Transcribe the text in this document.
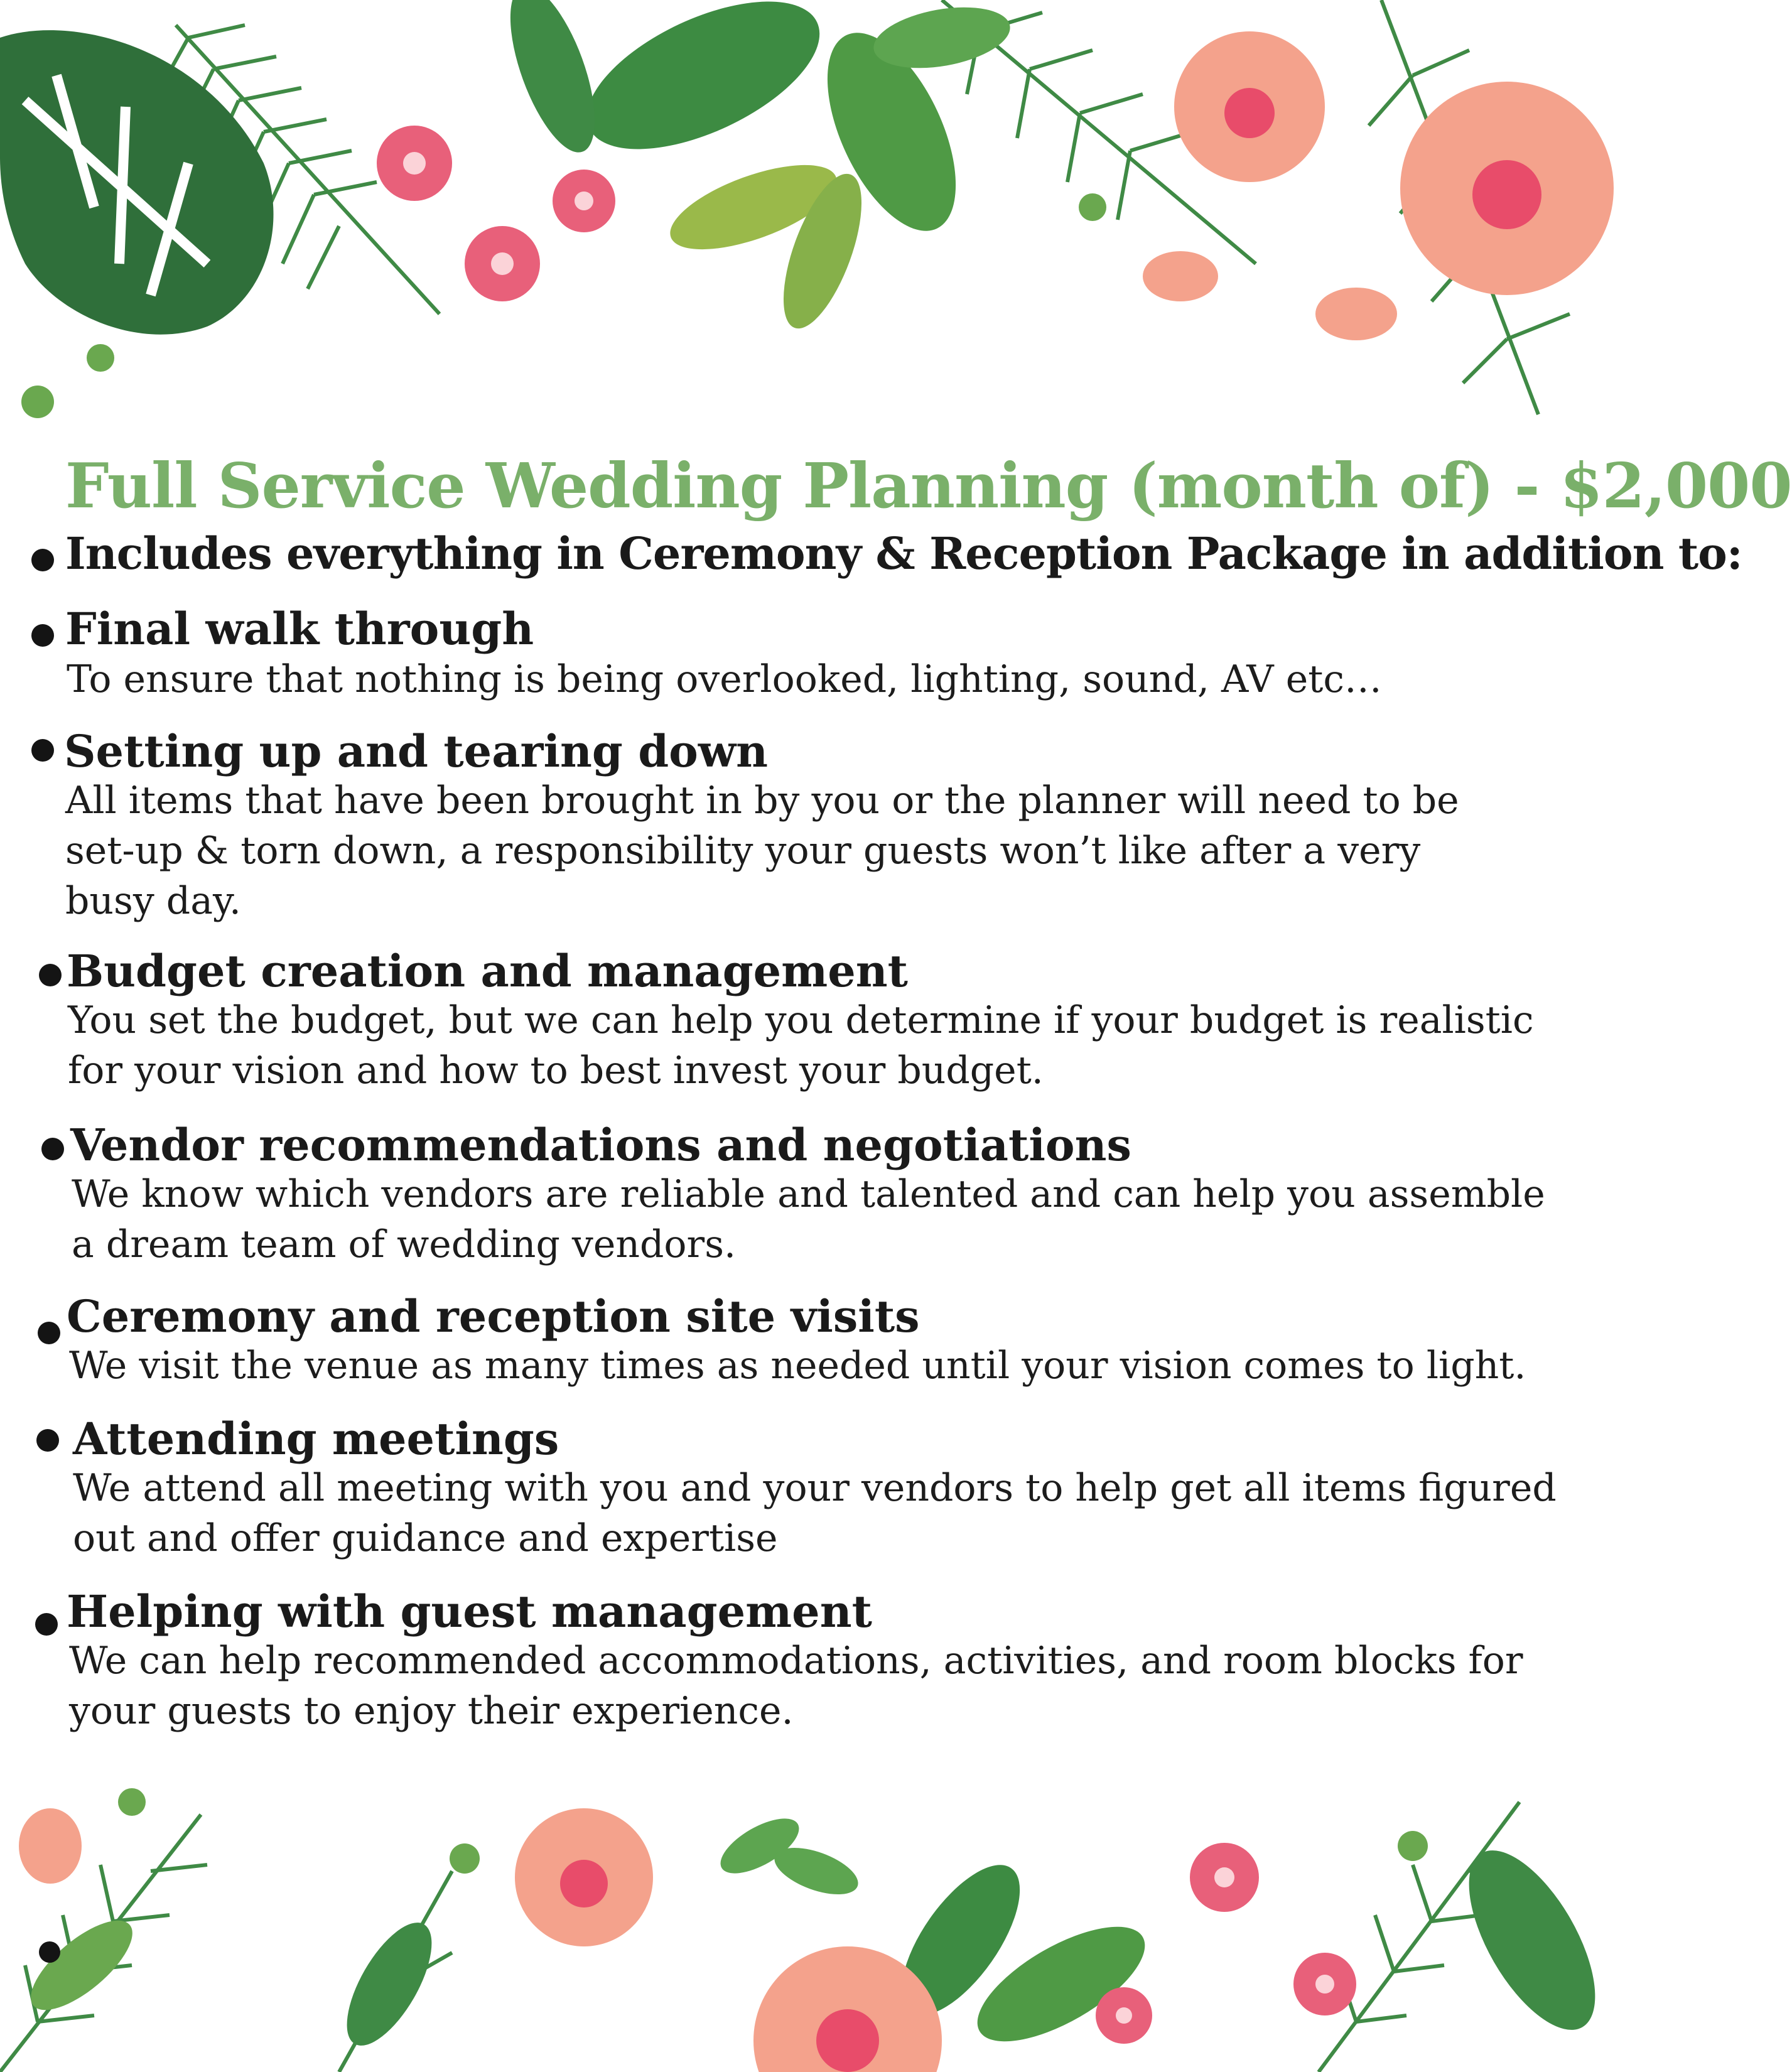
Full Service Wedding Planning (month of) - $2,000

Includes everything in Ceremony & Reception Package in addition to:

Final walk through

To ensure that nothing is being overlooked, lighting, sound, AV etc…

Setting up and tearing down

All items that have been brought in by you or the planner will need to be
set-up & torn down, a responsibility your guests won’t like after a very
busy day.

Budget creation and management

You set the budget, but we can help you determine if your budget is realistic
for your vision and how to best invest your budget.

Vendor recommendations and negotiations

We know which vendors are reliable and talented and can help you assemble
a dream team of wedding vendors.

Ceremony and reception site visits

We visit the venue as many times as needed until your vision comes to light.

Attending meetings

We attend all meeting with you and your vendors to help get all items figured
out and offer guidance and expertise

Helping with guest management

We can help recommended accommodations, activities, and room blocks for
your guests to enjoy their experience.
